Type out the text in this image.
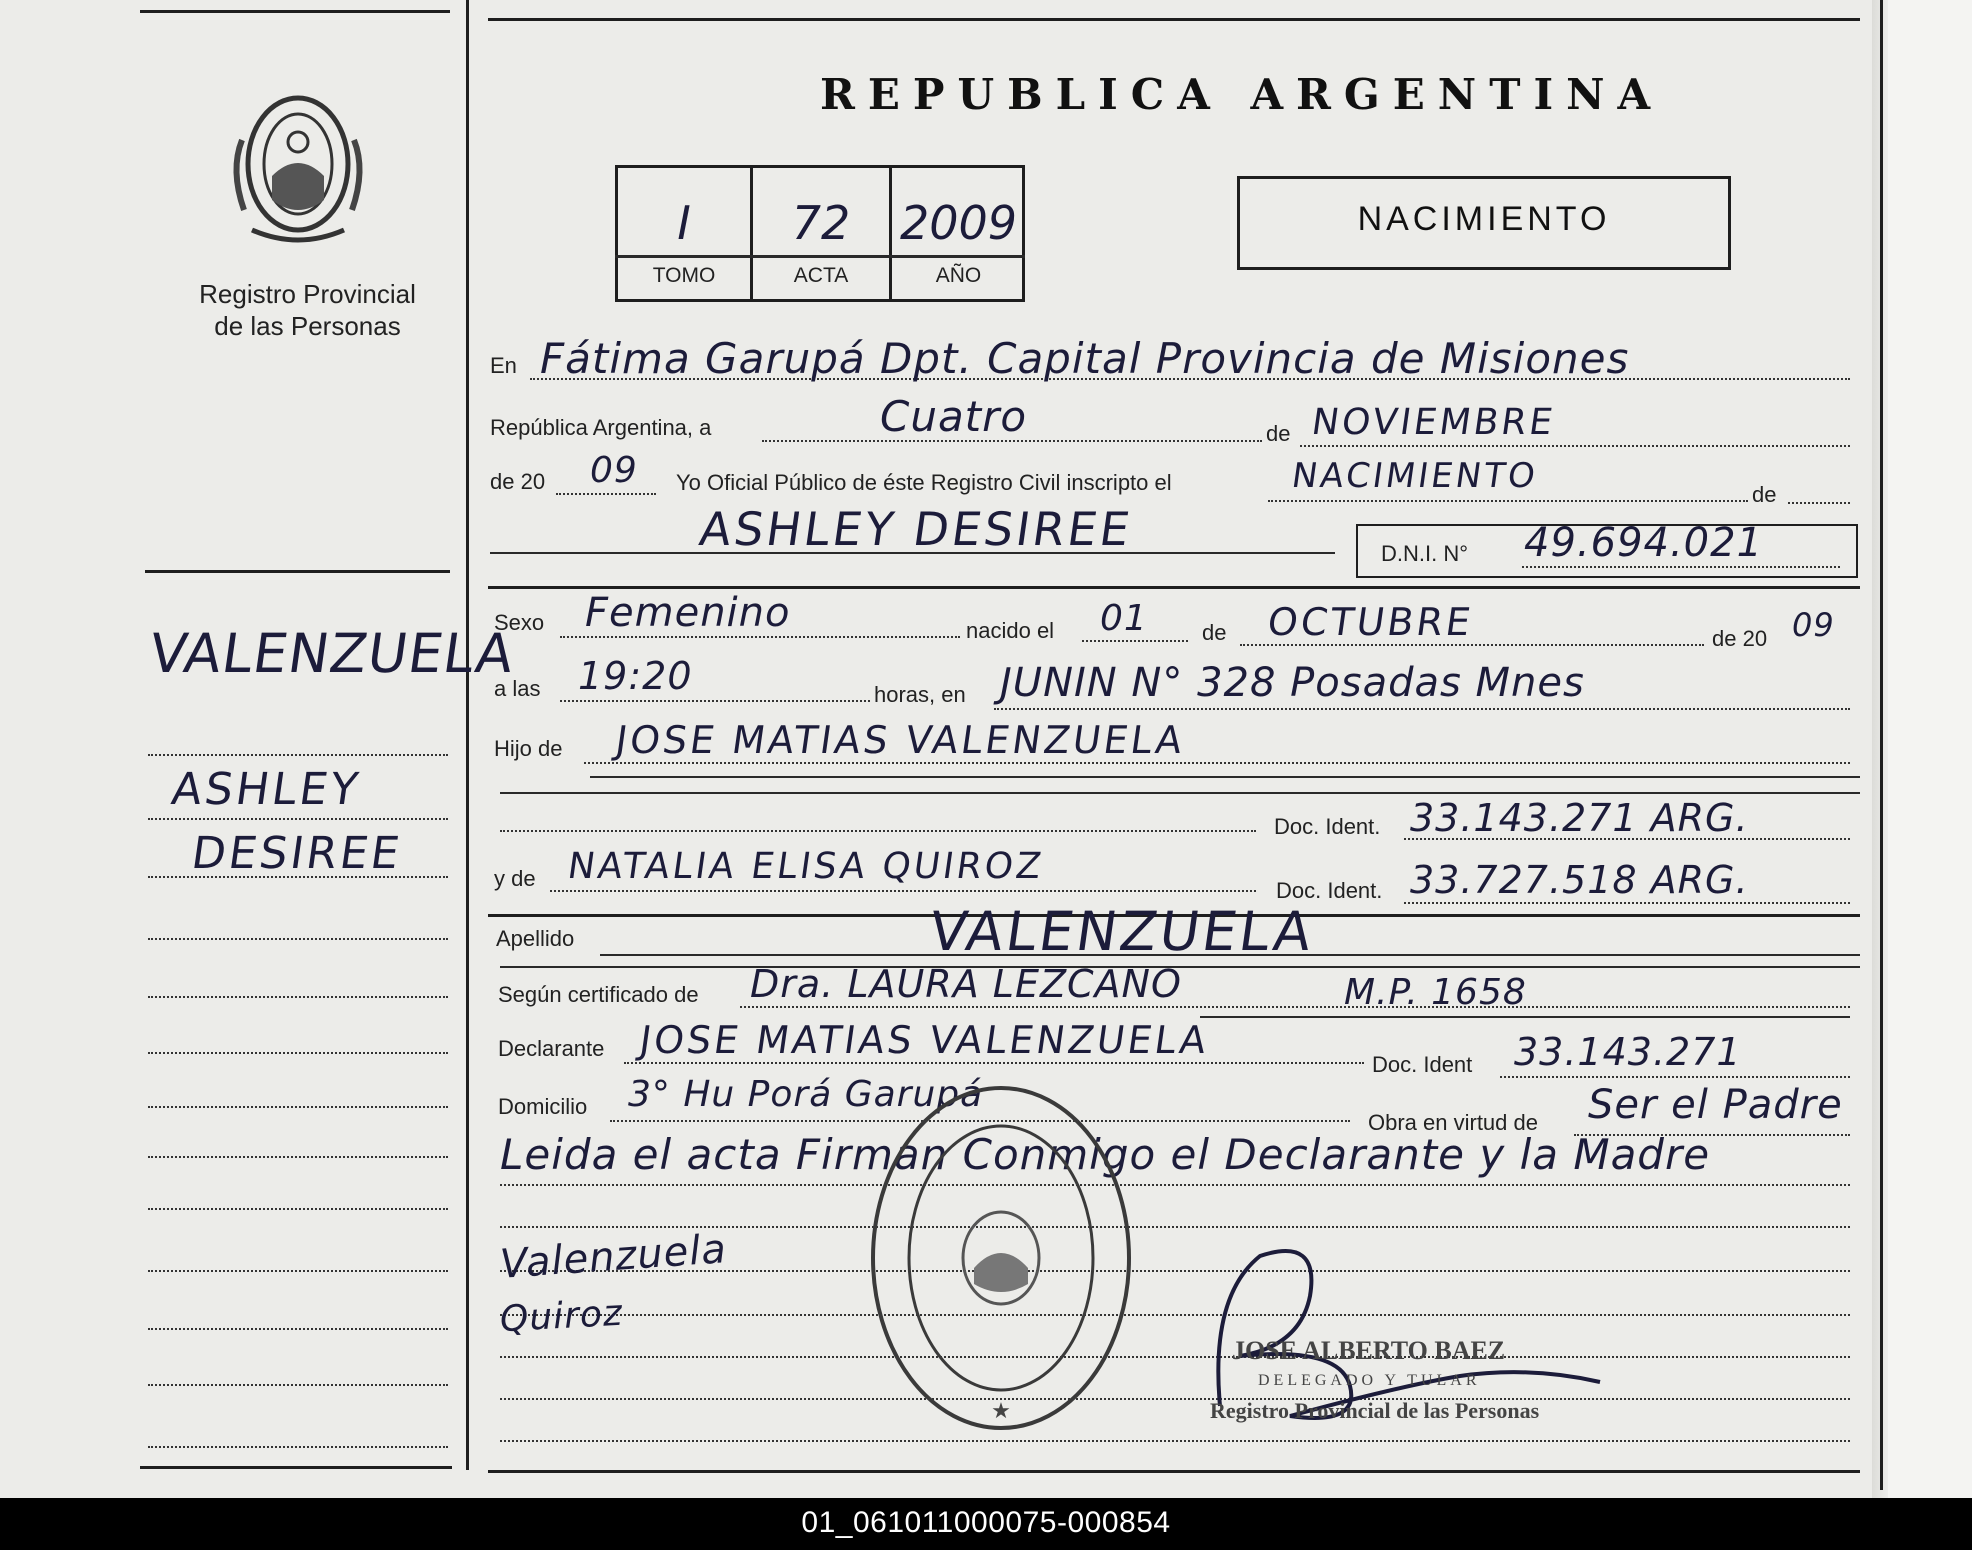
Registro Provincial
de las Personas
REPUBLICA ARGENTINA
I	72	2009
TOMO	ACTA	AÑO
NACIMIENTO
En Fátima Garupá Dpt. Capital Provincia de Misiones
República Argentina, a	Cuatro	de NOVIEMBRE
de 20 09 Yo Oficial Público de éste Registro Civil inscripto el	NACIMIENTO	de
ASHLEY DESIREE	D.N.I. N° 49.694.021
Sexo Femenino	nacido el 01 de OCTUBRE	de 20 09
a las 19:20	horas, en JUNIN N° 328 Posadas Mnes
Hijo de JOSE MATIAS VALENZUELA
Doc. Ident. 33.143.271 ARG.
y de NATALIA ELISA QUIROZ
Doc. Ident. 33.727.518 ARG.
Apellido	VALENZUELA
Según certificado de Dra. LAURA LEZCANO	M.P. 1658
Declarante JOSE MATIAS VALENZUELA
Doc. Ident 33.143.271
Domicilio 3° Hu Porá Garupá
Obra en virtud de Ser el Padre
Leida el acta Firman Conmigo el Declarante y la Madre
Valenzuela
Quiroz
★
JOSE ALBERTO BAEZ
DELEGADO Y TULAR
Registro Provincial de las Personas
VALENZUELA
ASHLEY
DESIREE
01_061011000075-000854
